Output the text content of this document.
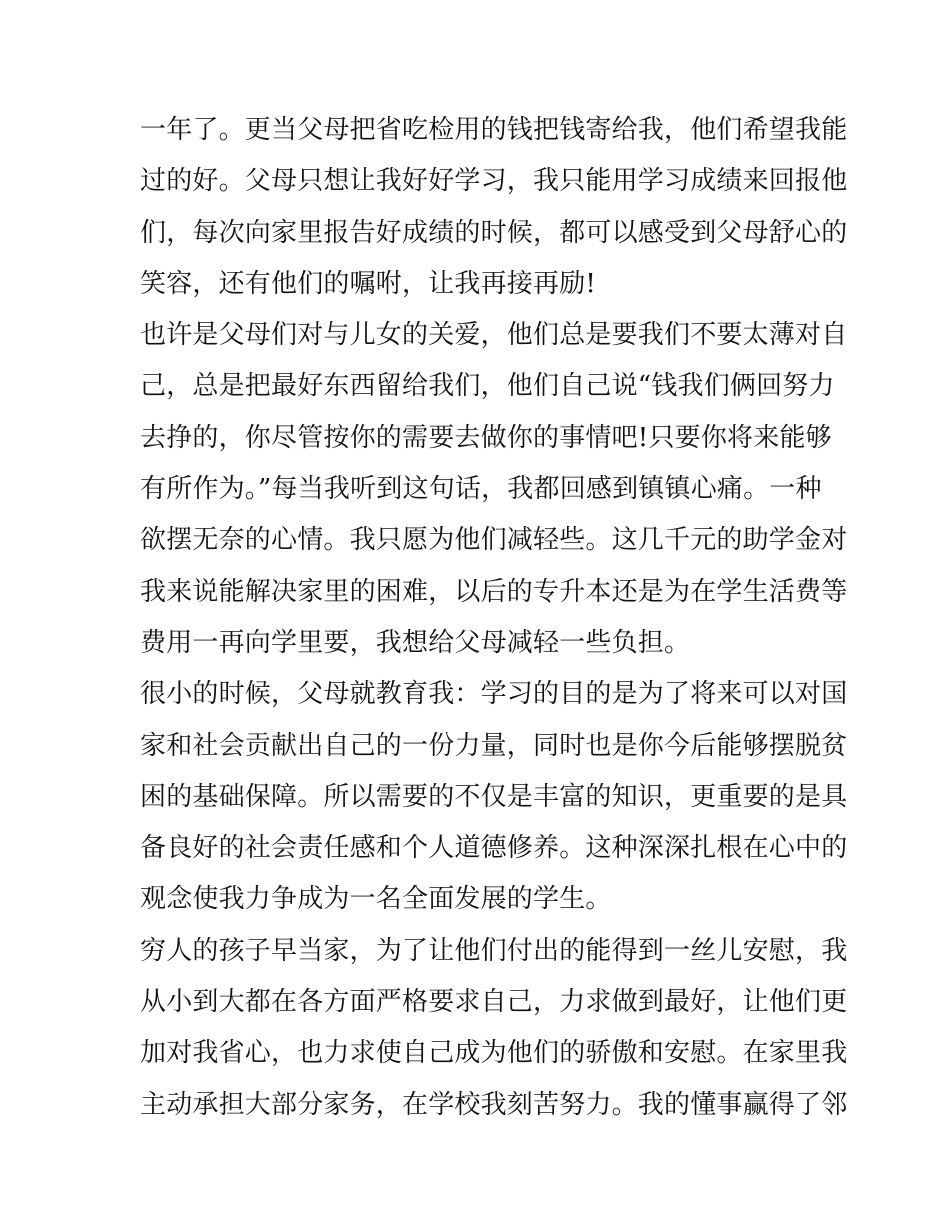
一年了。更当父母把省吃检用的钱把钱寄给我，他们希望我能
过的好。父母只想让我好好学习，我只能用学习成绩来回报他
们，每次向家里报告好成绩的时候，都可以感受到父母舒心的
笑容，还有他们的嘱咐，让我再接再励!
也许是父母们对与儿女的关爱，他们总是要我们不要太薄对自
己，总是把最好东西留给我们，他们自己说“钱我们俩回努力
去挣的，你尽管按你的需要去做你的事情吧!只要你将来能够
有所作为。”每当我听到这句话，我都回感到镇镇心痛。一种
欲摆无奈的心情。我只愿为他们减轻些。这几千元的助学金对
我来说能解决家里的困难，以后的专升本还是为在学生活费等
费用一再向学里要，我想给父母减轻一些负担。
很小的时候，父母就教育我：学习的目的是为了将来可以对国
家和社会贡献出自己的一份力量，同时也是你今后能够摆脱贫
困的基础保障。所以需要的不仅是丰富的知识，更重要的是具
备良好的社会责任感和个人道德修养。这种深深扎根在心中的
观念使我力争成为一名全面发展的学生。
穷人的孩子早当家，为了让他们付出的能得到一丝儿安慰，我
从小到大都在各方面严格要求自己，力求做到最好，让他们更
加对我省心，也力求使自己成为他们的骄傲和安慰。在家里我
主动承担大部分家务，在学校我刻苦努力。我的懂事赢得了邻
